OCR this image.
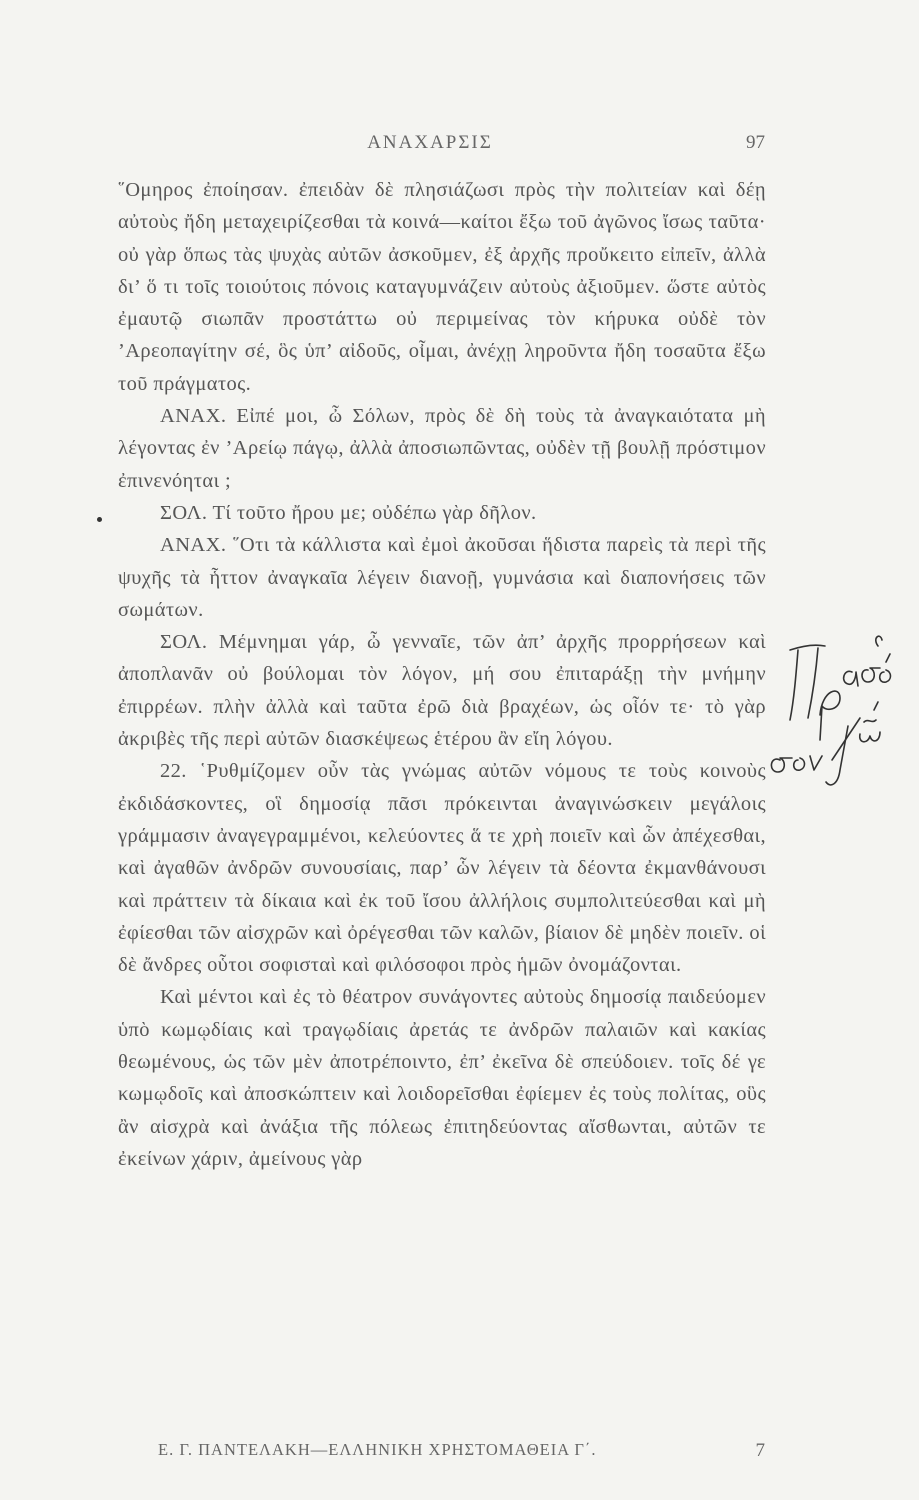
ΑΝΑΧΑΡΣΙΣ	97

῞Ομηρος ἐποίησαν. ἐπειδὰν δὲ πλησιάζωσι πρὸς τὴν πολιτείαν καὶ δέῃ αὐτοὺς ἤδη μεταχειρίζεσθαι τὰ κοινά—καίτοι ἔξω τοῦ ἀγῶνος ἴσως ταῦτα· οὐ γὰρ ὅπως τὰς ψυχὰς αὐτῶν ἀσκοῦμεν, ἐξ ἀρχῆς προὔκειτο εἰπεῖν, ἀλλὰ δι’ ὅ τι τοῖς τοιούτοις πόνοις καταγυμνάζειν αὐτοὺς ἀξιοῦμεν. ὥστε αὐτὸς ἐμαυτῷ σιωπᾶν προστάττω οὐ περιμείνας τὸν κήρυκα οὐδὲ τὸν ’Αρεοπαγίτην σέ, ὃς ὑπ’ αἰδοῦς, οἶμαι, ἀνέχῃ ληροῦντα ἤδη τοσαῦτα ἔξω τοῦ πράγματος.

ΑΝΑΧ. Εἰπέ μοι, ὦ Σόλων, πρὸς δὲ δὴ τοὺς τὰ ἀναγκαιότατα μὴ λέγοντας ἐν ’Αρείῳ πάγῳ, ἀλλὰ ἀποσιωπῶντας, οὐδὲν τῇ βουλῇ πρόστιμον ἐπινενόηται ;

ΣΟΛ. Τί τοῦτο ἤρου με; οὐδέπω γὰρ δῆλον.

ΑΝΑΧ. ῞Οτι τὰ κάλλιστα καὶ ἐμοὶ ἀκοῦσαι ἥδιστα παρεὶς τὰ περὶ τῆς ψυχῆς τὰ ἧττον ἀναγκαῖα λέγειν διανοῇ, γυμνάσια καὶ διαπονήσεις τῶν σωμάτων.

ΣΟΛ. Μέμνημαι γάρ, ὦ γενναῖε, τῶν ἀπ’ ἀρχῆς προρρήσεων καὶ ἀποπλανᾶν οὐ βούλομαι τὸν λόγον, μή σου ἐπιταράξῃ τὴν μνήμην ἐπιρρέων. πλὴν ἀλλὰ καὶ ταῦτα ἐρῶ διὰ βραχέων, ὡς οἷόν τε· τὸ γὰρ ἀκριβὲς τῆς περὶ αὐτῶν διασκέψεως ἑτέρου ἂν εἴη λόγου.

22. ῾Ρυθμίζομεν οὖν τὰς γνώμας αὐτῶν νόμους τε τοὺς κοινοὺς ἐκδιδάσκοντες, οἳ δημοσίᾳ πᾶσι πρόκεινται ἀναγινώσκειν μεγάλοις γράμμασιν ἀναγεγραμμένοι, κελεύοντες ἅ τε χρὴ ποιεῖν καὶ ὧν ἀπέχεσθαι, καὶ ἀγαθῶν ἀνδρῶν συνουσίαις, παρ’ ὧν λέγειν τὰ δέοντα ἐκμανθάνουσι καὶ πράττειν τὰ δίκαια καὶ ἐκ τοῦ ἴσου ἀλλήλοις συμπολιτεύεσθαι καὶ μὴ ἐφίεσθαι τῶν αἰσχρῶν καὶ ὀρέγεσθαι τῶν καλῶν, βίαιον δὲ μηδὲν ποιεῖν. οἱ δὲ ἄνδρες οὗτοι σοφισταὶ καὶ φιλόσοφοι πρὸς ἡμῶν ὀνομάζονται.

Καὶ μέντοι καὶ ἐς τὸ θέατρον συνάγοντες αὐτοὺς δημοσίᾳ παιδεύομεν ὑπὸ κωμῳδίαις καὶ τραγῳδίαις ἀρετάς τε ἀνδρῶν παλαιῶν καὶ κακίας θεωμένους, ὡς τῶν μὲν ἀποτρέποιντο, ἐπ’ ἐκεῖνα δὲ σπεύδοιεν. τοῖς δέ γε κωμῳδοῖς καὶ ἀποσκώπτειν καὶ λοιδορεῖσθαι ἐφίεμεν ἐς τοὺς πολίτας, οὓς ἂν αἰσχρὰ καὶ ἀνάξια τῆς πόλεως ἐπιτηδεύοντας αἴσθωνται, αὐτῶν τε ἐκείνων χάριν, ἀμείνους γὰρ

Ε. Γ. ΠΑΝΤΕΛΑΚΗ—ΕΛΛΗΝΙΚΗ ΧΡΗΣΤΟΜΑΘΕΙΑ Γ΄.	7
